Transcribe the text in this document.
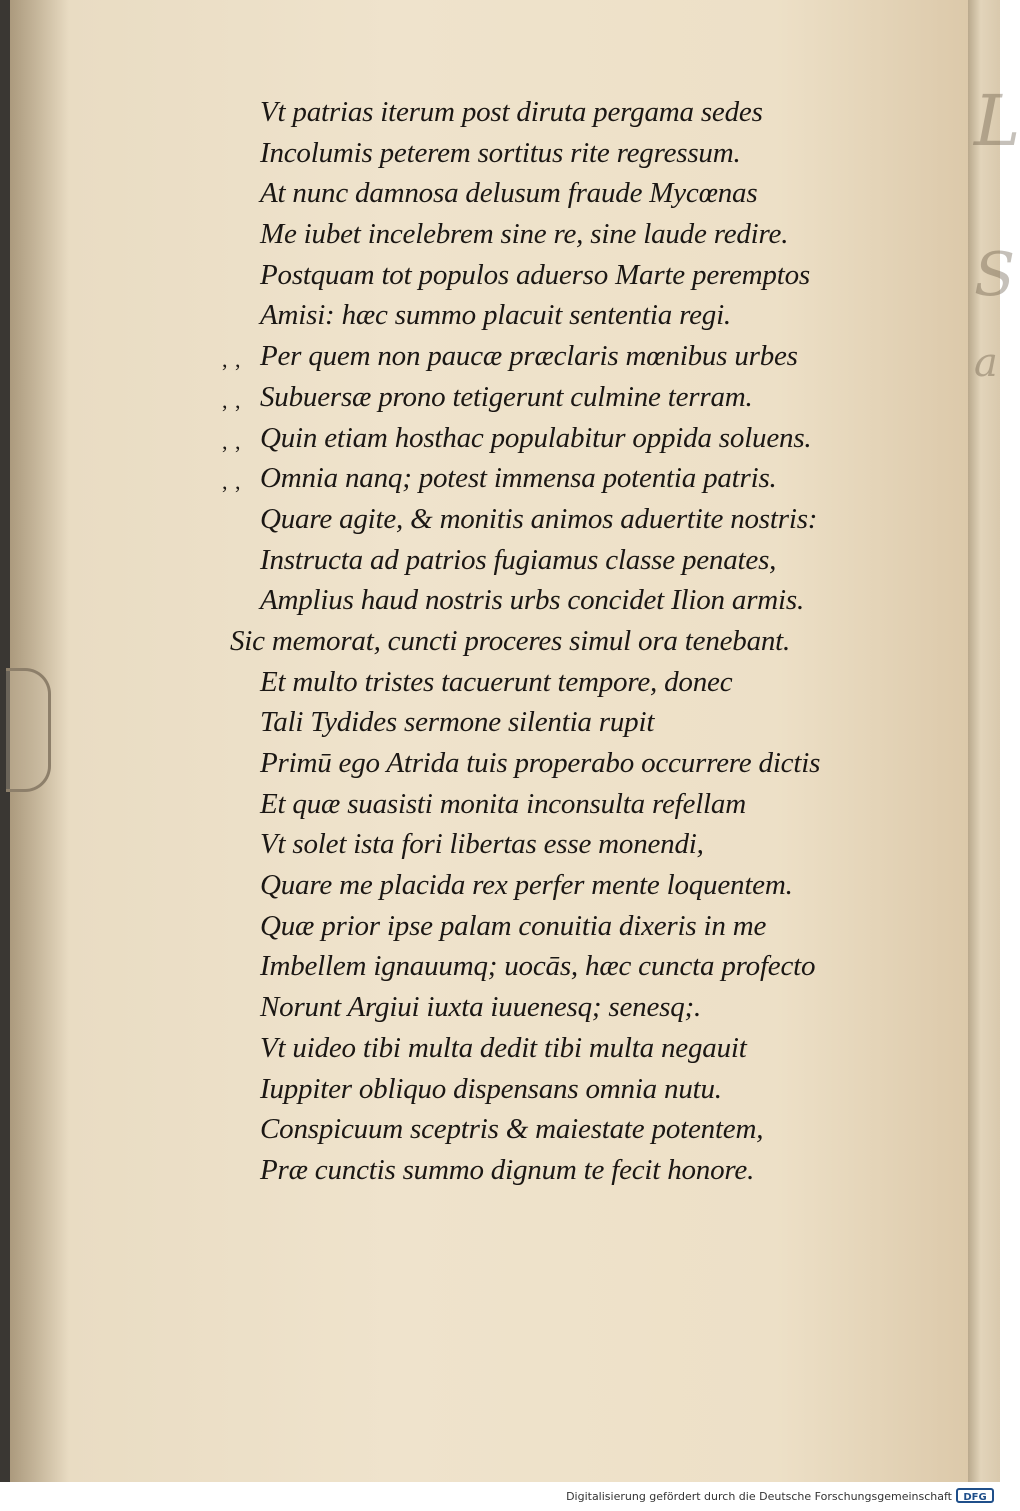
Vt patrias iterum post diruta pergama sedes
Incolumis peterem sortitus rite regressum.
At nunc damnosa delusum fraude Mycœnas
Me iubet incelebrem sine re, sine laude redire.
Postquam tot populos aduerso Marte peremptos
Amisi: hæc summo placuit sententia regi.
Per quem non paucæ præclaris mœnibus urbes
, ,
Subuersæ prono tetigerunt culmine terram.
, ,
Quin etiam hosthac populabitur oppida soluens.
, ,
Omnia nanq; potest immensa potentia patris.
, ,
Quare agite, & monitis animos aduertite nostris:
Instructa ad patrios fugiamus classe penates,
Amplius haud nostris urbs concidet Ilion armis.
Sic memorat, cuncti proceres simul ora tenebant.
Et multo tristes tacuerunt tempore, donec
Tali Tydides sermone silentia rupit
Primū ego Atrida tuis properabo occurrere dictis
Et quæ suasisti monita inconsulta refellam
Vt solet ista fori libertas esse monendi,
Quare me placida rex perfer mente loquentem.
Quæ prior ipse palam conuitia dixeris in me
Imbellem ignauumq; uocās, hæc cuncta profecto
Norunt Argiui iuxta iuuenesq; senesq;.
Vt uideo tibi multa dedit tibi multa negauit
Iuppiter obliquo dispensans omnia nutu.
Conspicuum sceptris & maiestate potentem,
Præ cunctis summo dignum te fecit honore.
L
S
a
Digitalisierung gefördert durch die Deutsche Forschungsgemeinschaft	DFG
